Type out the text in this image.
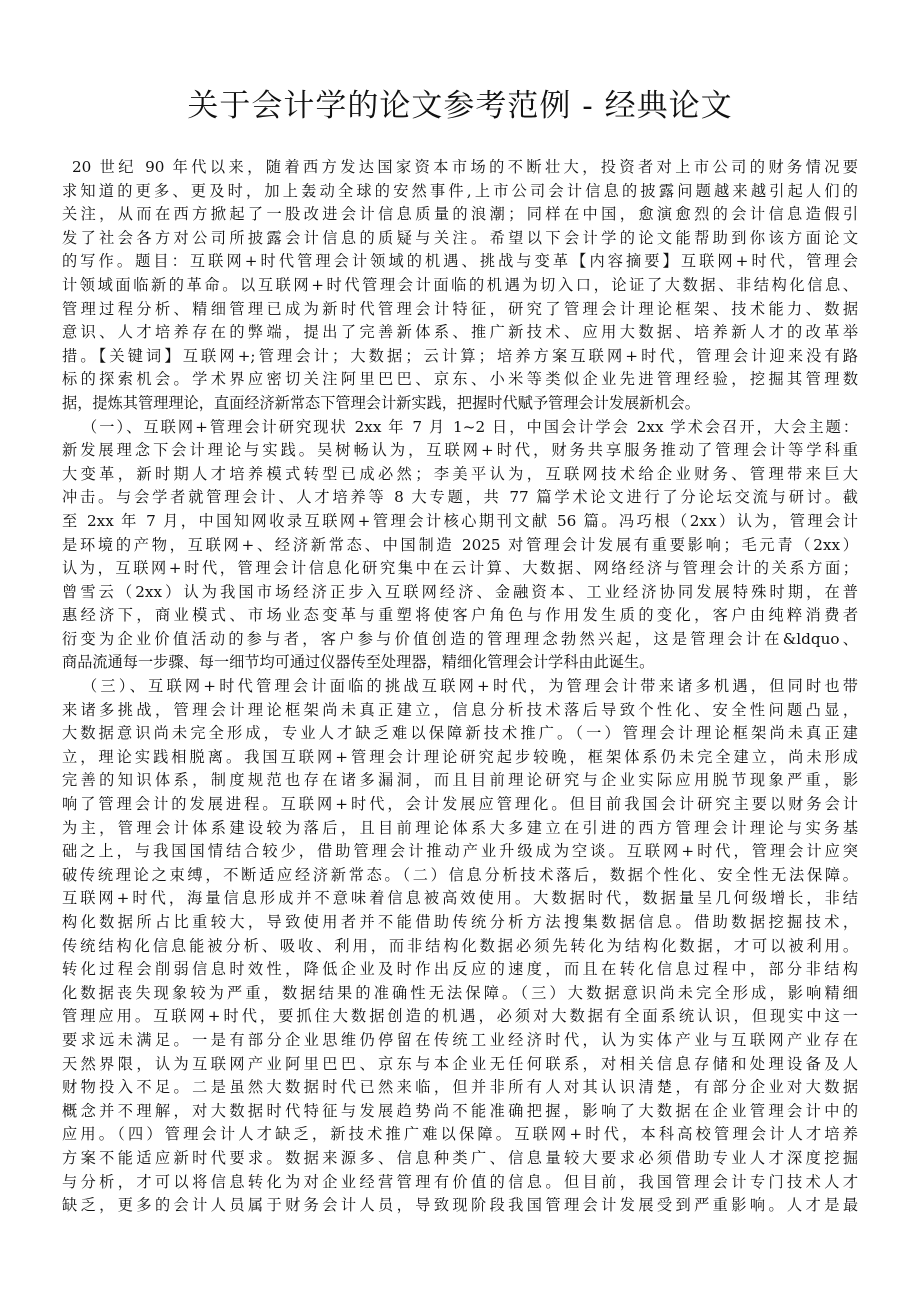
关于会计学的论文参考范例 - 经典论文
20 世纪 90 年代以来，随着西方发达国家资本市场的不断壮大，投资者对上市公司的财务情况要
求知道的更多、更及时，加上轰动全球的安然事件,上市公司会计信息的披露问题越来越引起人们的
关注，从而在西方掀起了一股改进会计信息质量的浪潮；同样在中国，愈演愈烈的会计信息造假引
发了社会各方对公司所披露会计信息的质疑与关注。希望以下会计学的论文能帮助到你该方面论文
的写作。题目：互联网+时代管理会计领域的机遇、挑战与变革【内容摘要】互联网+时代，管理会
计领域面临新的革命。以互联网+时代管理会计面临的机遇为切入口，论证了大数据、非结构化信息、
管理过程分析、精细管理已成为新时代管理会计特征，研究了管理会计理论框架、技术能力、数据
意识、人才培养存在的弊端，提出了完善新体系、推广新技术、应用大数据、培养新人才的改革举
措。【关键词】互联网+;管理会计；大数据；云计算；培养方案互联网+时代，管理会计迎来没有路
标的探索机会。学术界应密切关注阿里巴巴、京东、小米等类似企业先进管理经验，挖掘其管理数
据，提炼其管理理论，直面经济新常态下管理会计新实践，把握时代赋予管理会计发展新机会。
（一）、互联网+管理会计研究现状 2xx 年 7 月 1~2 日，中国会计学会 2xx 学术会召开，大会主题：
新发展理念下会计理论与实践。吴树畅认为，互联网+时代，财务共享服务推动了管理会计等学科重
大变革，新时期人才培养模式转型已成必然；李美平认为，互联网技术给企业财务、管理带来巨大
冲击。与会学者就管理会计、人才培养等 8 大专题，共 77 篇学术论文进行了分论坛交流与研讨。截
至 2xx 年 7 月，中国知网收录互联网+管理会计核心期刊文献 56 篇。冯巧根（2xx）认为，管理会计
是环境的产物，互联网+、经济新常态、中国制造 2025 对管理会计发展有重要影响；毛元青（2xx）
认为，互联网+时代，管理会计信息化研究集中在云计算、大数据、网络经济与管理会计的关系方面；
曾雪云（2xx）认为我国市场经济正步入互联网经济、金融资本、工业经济协同发展特殊时期，在普
惠经济下，商业模式、市场业态变革与重塑将使客户角色与作用发生质的变化，客户由纯粹消费者
衍变为企业价值活动的参与者，客户参与价值创造的管理理念勃然兴起，这是管理会计在&ldquo、
商品流通每一步骤、每一细节均可通过仪器传至处理器，精细化管理会计学科由此诞生。
（三）、互联网+时代管理会计面临的挑战互联网+时代，为管理会计带来诸多机遇，但同时也带
来诸多挑战，管理会计理论框架尚未真正建立，信息分析技术落后导致个性化、安全性问题凸显，
大数据意识尚未完全形成，专业人才缺乏难以保障新技术推广。（一）管理会计理论框架尚未真正建
立，理论实践相脱离。我国互联网+管理会计理论研究起步较晚，框架体系仍未完全建立，尚未形成
完善的知识体系，制度规范也存在诸多漏洞，而且目前理论研究与企业实际应用脱节现象严重，影
响了管理会计的发展进程。互联网+时代，会计发展应管理化。但目前我国会计研究主要以财务会计
为主，管理会计体系建设较为落后，且目前理论体系大多建立在引进的西方管理会计理论与实务基
础之上，与我国国情结合较少，借助管理会计推动产业升级成为空谈。互联网+时代，管理会计应突
破传统理论之束缚，不断适应经济新常态。（二）信息分析技术落后，数据个性化、安全性无法保障。
互联网+时代，海量信息形成并不意味着信息被高效使用。大数据时代，数据量呈几何级增长，非结
构化数据所占比重较大，导致使用者并不能借助传统分析方法搜集数据信息。借助数据挖掘技术，
传统结构化信息能被分析、吸收、利用，而非结构化数据必须先转化为结构化数据，才可以被利用。
转化过程会削弱信息时效性，降低企业及时作出反应的速度，而且在转化信息过程中，部分非结构
化数据丧失现象较为严重，数据结果的准确性无法保障。（三）大数据意识尚未完全形成，影响精细
管理应用。互联网+时代，要抓住大数据创造的机遇，必须对大数据有全面系统认识，但现实中这一
要求远未满足。一是有部分企业思维仍停留在传统工业经济时代，认为实体产业与互联网产业存在
天然界限，认为互联网产业阿里巴巴、京东与本企业无任何联系，对相关信息存储和处理设备及人
财物投入不足。二是虽然大数据时代已然来临，但并非所有人对其认识清楚，有部分企业对大数据
概念并不理解，对大数据时代特征与发展趋势尚不能准确把握，影响了大数据在企业管理会计中的
应用。（四）管理会计人才缺乏，新技术推广难以保障。互联网+时代，本科高校管理会计人才培养
方案不能适应新时代要求。数据来源多、信息种类广、信息量较大要求必须借助专业人才深度挖掘
与分析，才可以将信息转化为对企业经营管理有价值的信息。但目前，我国管理会计专门技术人才
缺乏，更多的会计人员属于财务会计人员，导致现阶段我国管理会计发展受到严重影响。人才是最
